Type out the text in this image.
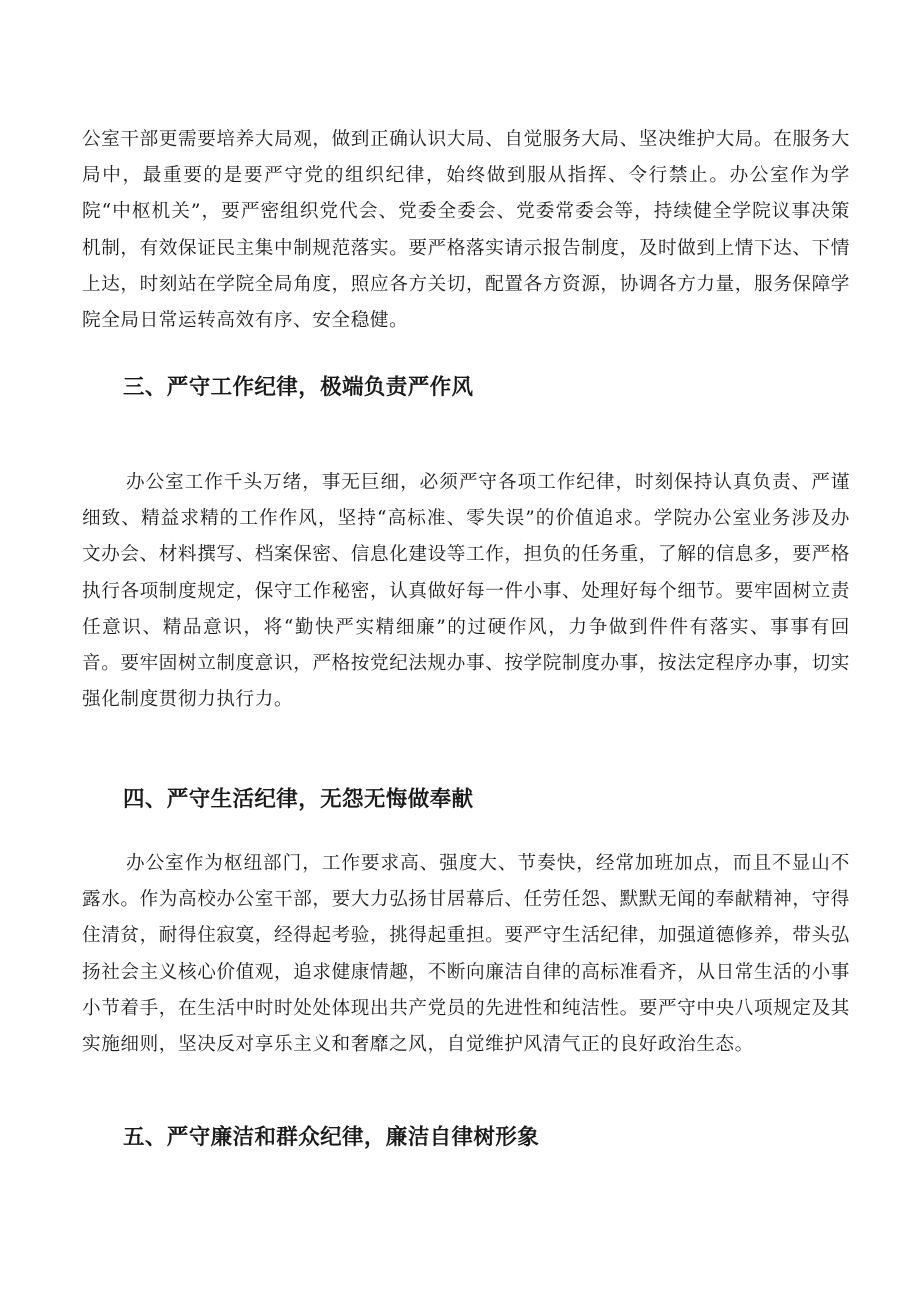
公室干部更需要培养大局观，做到正确认识大局、自觉服务大局、坚决维护大局。在服务大局中，最重要的是要严守党的组织纪律，始终做到服从指挥、令行禁止。办公室作为学院“中枢机关”，要严密组织党代会、党委全委会、党委常委会等，持续健全学院议事决策机制，有效保证民主集中制规范落实。要严格落实请示报告制度，及时做到上情下达、下情上达，时刻站在学院全局角度，照应各方关切，配置各方资源，协调各方力量，服务保障学院全局日常运转高效有序、安全稳健。

三、严守工作纪律，极端负责严作风

办公室工作千头万绪，事无巨细，必须严守各项工作纪律，时刻保持认真负责、严谨细致、精益求精的工作作风，坚持“高标准、零失误”的价值追求。学院办公室业务涉及办文办会、材料撰写、档案保密、信息化建设等工作，担负的任务重，了解的信息多，要严格执行各项制度规定，保守工作秘密，认真做好每一件小事、处理好每个细节。要牢固树立责任意识、精品意识，将“勤快严实精细廉”的过硬作风，力争做到件件有落实、事事有回音。要牢固树立制度意识，严格按党纪法规办事、按学院制度办事，按法定程序办事，切实强化制度贯彻力执行力。

四、严守生活纪律，无怨无悔做奉献

办公室作为枢纽部门，工作要求高、强度大、节奏快，经常加班加点，而且不显山不露水。作为高校办公室干部，要大力弘扬甘居幕后、任劳任怨、默默无闻的奉献精神，守得住清贫，耐得住寂寞，经得起考验，挑得起重担。要严守生活纪律，加强道德修养，带头弘扬社会主义核心价值观，追求健康情趣，不断向廉洁自律的高标准看齐，从日常生活的小事小节着手，在生活中时时处处体现出共产党员的先进性和纯洁性。要严守中央八项规定及其实施细则，坚决反对享乐主义和奢靡之风，自觉维护风清气正的良好政治生态。

五、严守廉洁和群众纪律，廉洁自律树形象
